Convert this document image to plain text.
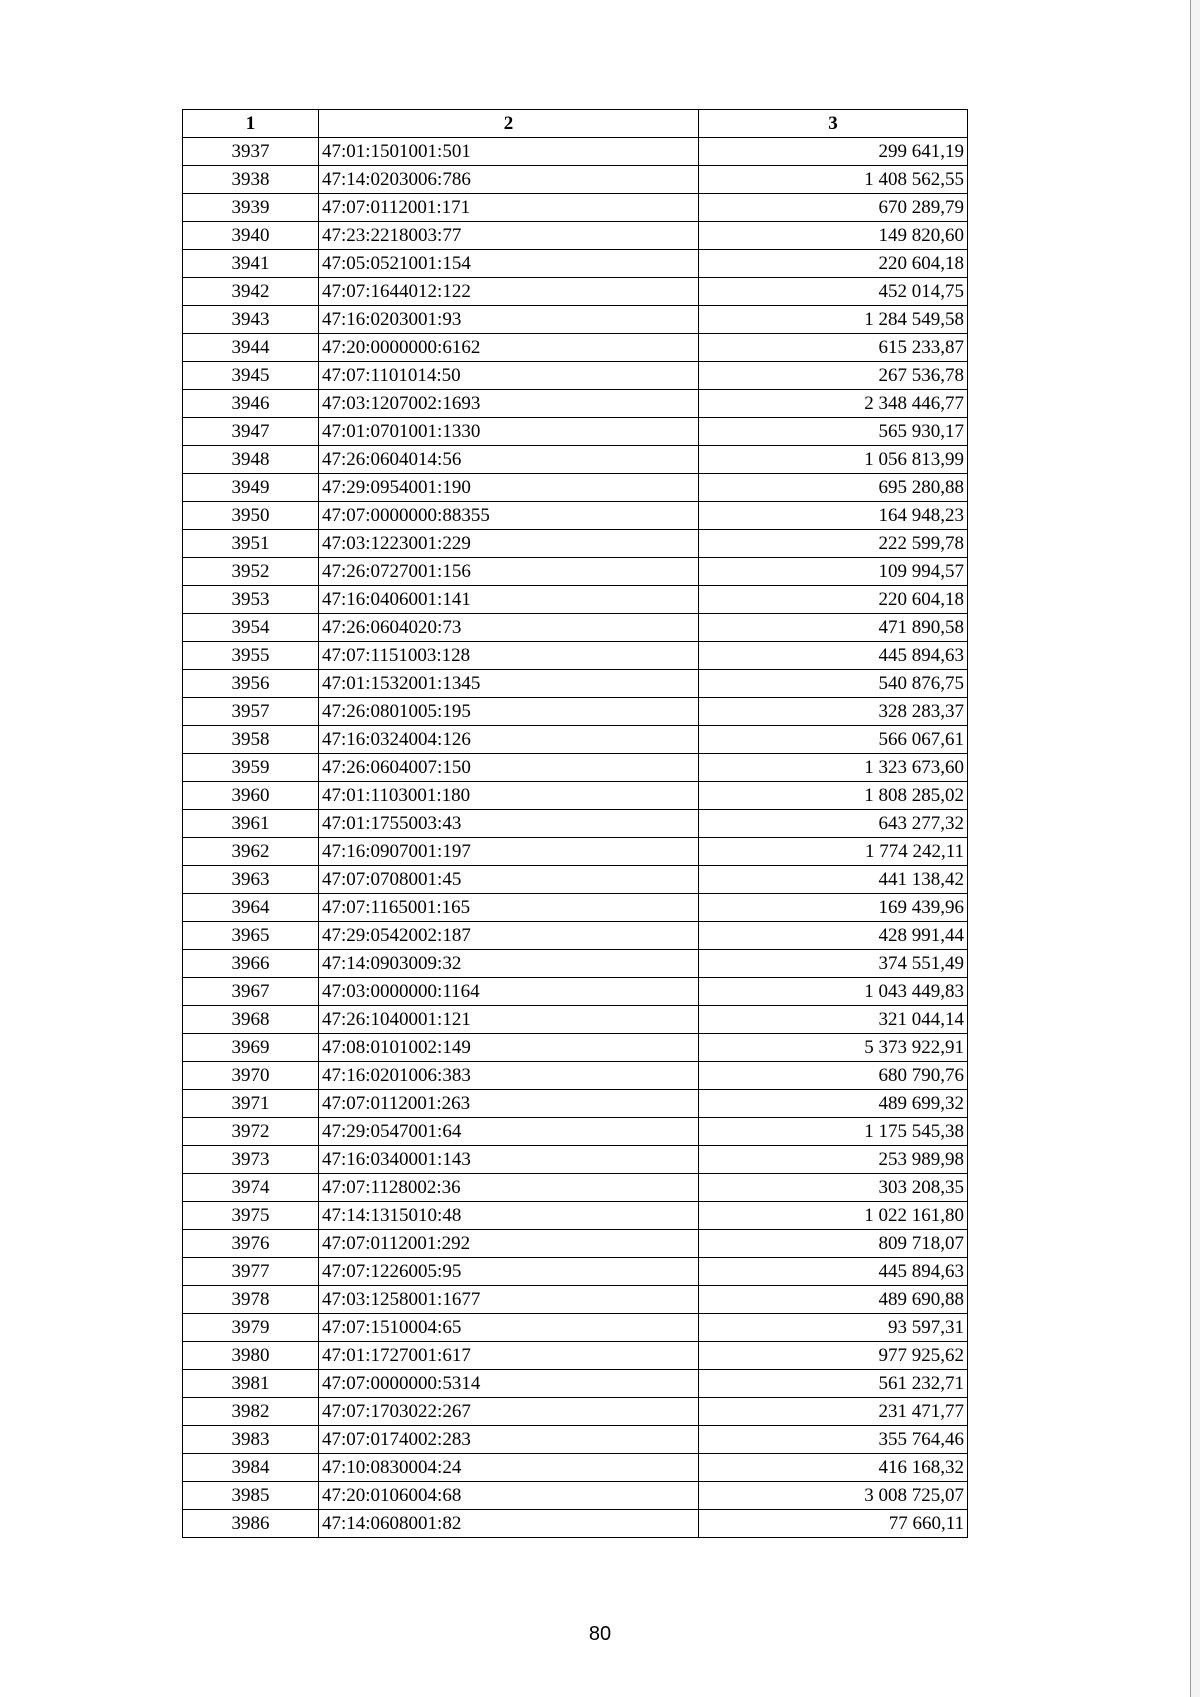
1	2	3
3937	47:01:1501001:501	299 641,19
3938	47:14:0203006:786	1 408 562,55
3939	47:07:0112001:171	670 289,79
3940	47:23:2218003:77	149 820,60
3941	47:05:0521001:154	220 604,18
3942	47:07:1644012:122	452 014,75
3943	47:16:0203001:93	1 284 549,58
3944	47:20:0000000:6162	615 233,87
3945	47:07:1101014:50	267 536,78
3946	47:03:1207002:1693	2 348 446,77
3947	47:01:0701001:1330	565 930,17
3948	47:26:0604014:56	1 056 813,99
3949	47:29:0954001:190	695 280,88
3950	47:07:0000000:88355	164 948,23
3951	47:03:1223001:229	222 599,78
3952	47:26:0727001:156	109 994,57
3953	47:16:0406001:141	220 604,18
3954	47:26:0604020:73	471 890,58
3955	47:07:1151003:128	445 894,63
3956	47:01:1532001:1345	540 876,75
3957	47:26:0801005:195	328 283,37
3958	47:16:0324004:126	566 067,61
3959	47:26:0604007:150	1 323 673,60
3960	47:01:1103001:180	1 808 285,02
3961	47:01:1755003:43	643 277,32
3962	47:16:0907001:197	1 774 242,11
3963	47:07:0708001:45	441 138,42
3964	47:07:1165001:165	169 439,96
3965	47:29:0542002:187	428 991,44
3966	47:14:0903009:32	374 551,49
3967	47:03:0000000:1164	1 043 449,83
3968	47:26:1040001:121	321 044,14
3969	47:08:0101002:149	5 373 922,91
3970	47:16:0201006:383	680 790,76
3971	47:07:0112001:263	489 699,32
3972	47:29:0547001:64	1 175 545,38
3973	47:16:0340001:143	253 989,98
3974	47:07:1128002:36	303 208,35
3975	47:14:1315010:48	1 022 161,80
3976	47:07:0112001:292	809 718,07
3977	47:07:1226005:95	445 894,63
3978	47:03:1258001:1677	489 690,88
3979	47:07:1510004:65	93 597,31
3980	47:01:1727001:617	977 925,62
3981	47:07:0000000:5314	561 232,71
3982	47:07:1703022:267	231 471,77
3983	47:07:0174002:283	355 764,46
3984	47:10:0830004:24	416 168,32
3985	47:20:0106004:68	3 008 725,07
3986	47:14:0608001:82	77 660,11
80
